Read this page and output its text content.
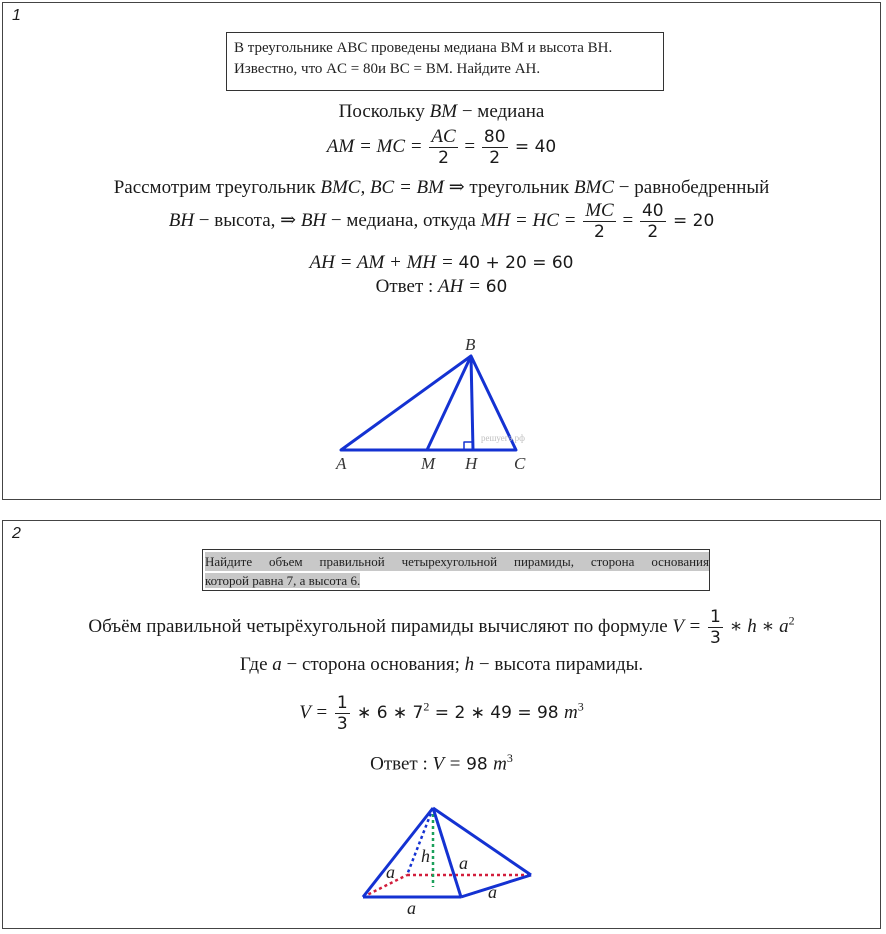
1
В треугольнике ABC проведены медиана BM и высота BH.
Известно, что AC = 80и BC = BM. Найдите AH.
Поскольку BM − медиана
AM = MC = $\frac{AC}{2} = \frac{80}{2} = 40$
Рассмотрим треугольник BMC, BC = BM ⇒ треугольник BMC − равнобедренный
BH − высота, ⇒ BH − медиана, откуда MH = HC = $\frac{MC}{2} = \frac{40}{2} = 20$
AH = AM + MH = 40 + 20 = 60
Ответ : AH = 60
решуегэ.рф
B
A	M H C
2
Найдите объем правильной четырехугольной пирамиды, сторона основания
которой равна 7, а высота 6.
Объём правильной четырёхугольной пирамиды вычисляют по формуле $V = \frac{1}{3}$ ∗ h ∗ $a^2$
Где a − сторона основания; h − высота пирамиды.
$V = \frac{1}{3}$ ∗ 6 ∗ $7^2 = 2$ ∗ 49 = 98 $m^3$
Ответ : V = 98 $m^3$
h a
a
a
a
